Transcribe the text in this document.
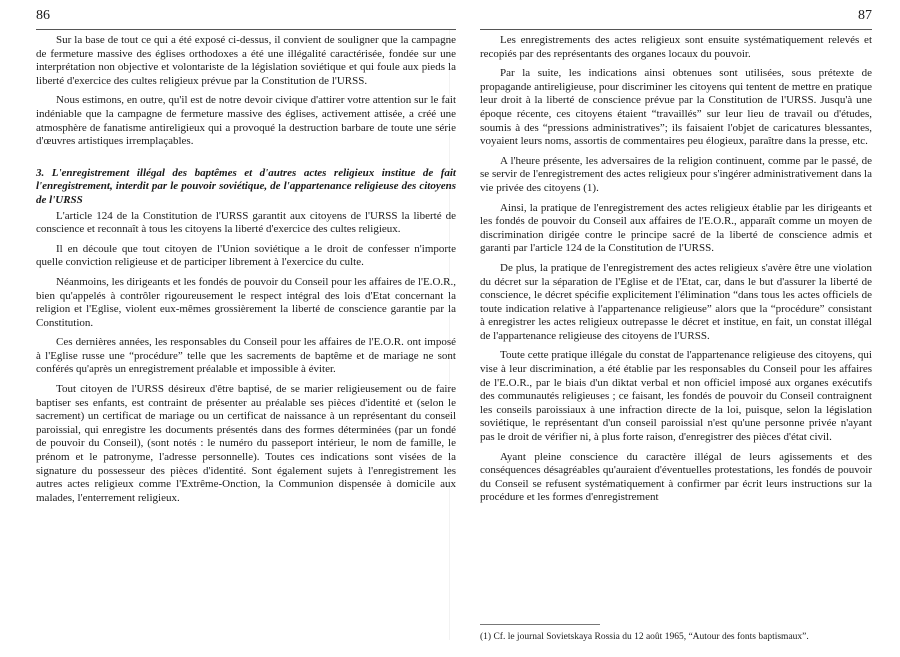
86

Sur la base de tout ce qui a été exposé ci-dessus, il convient de souligner que la campagne de fermeture massive des églises orthodoxes a été une illégalité caractérisée, fondée sur une interprétation non objective et volontariste de la législation soviétique et qui foule aux pieds la liberté d'exercice des cultes religieux prévue par la Constitution de l'URSS.

Nous estimons, en outre, qu'il est de notre devoir civique d'attirer votre attention sur le fait indéniable que la campagne de fermeture massive des églises, activement attisée, a créé une atmosphère de fanatisme antireligieux qui a provoqué la destruction barbare de toute une série d'œuvres artistiques irremplaçables.

3. L'enregistrement illégal des baptêmes et d'autres actes religieux institue de fait l'enregistrement, interdit par le pouvoir soviétique, de l'appartenance religieuse des citoyens de l'URSS

L'article 124 de la Constitution de l'URSS garantit aux citoyens de l'URSS la liberté de conscience et reconnaît à tous les citoyens la liberté d'exercice des cultes religieux.

Il en découle que tout citoyen de l'Union soviétique a le droit de confesser n'importe quelle conviction religieuse et de participer librement à l'exercice du culte.

Néanmoins, les dirigeants et les fondés de pouvoir du Conseil pour les affaires de l'E.O.R., bien qu'appelés à contrôler rigoureusement le respect intégral des lois d'Etat concernant la religion et l'Eglise, violent eux-mêmes grossièrement la liberté de conscience garantie par la Constitution.

Ces dernières années, les responsables du Conseil pour les affaires de l'E.O.R. ont imposé à l'Eglise russe une “procédure” telle que les sacrements de baptême et de mariage ne sont conférés qu'après un enregistrement préalable et impossible à éviter.

Tout citoyen de l'URSS désireux d'être baptisé, de se marier religieusement ou de faire baptiser ses enfants, est contraint de présenter au préalable ses pièces d'identité et (selon le sacrement) un certificat de mariage ou un certificat de naissance à un représentant du conseil paroissial, qui enregistre les documents présentés dans des formes déterminées (par un fondé de pouvoir du Conseil), (sont notés : le numéro du passeport intérieur, le nom de famille, le prénom et le patronyme, l'adresse personnelle). Toutes ces indications sont visées de la signature du possesseur des pièces d'identité. Sont également sujets à l'enregistrement les autres actes religieux comme l'Extrême-Onction, la Communion dispensée à domicile aux malades, l'enterrement religieux.

87

Les enregistrements des actes religieux sont ensuite systématiquement relevés et recopiés par des représentants des organes locaux du pouvoir.

Par la suite, les indications ainsi obtenues sont utilisées, sous prétexte de propagande antireligieuse, pour discriminer les citoyens qui tentent de mettre en pratique leur droit à la liberté de conscience prévue par la Constitution de l'URSS. Jusqu'à une époque récente, ces citoyens étaient “travaillés” sur leur lieu de travail ou d'études, soumis à des “pressions administratives”; ils faisaient l'objet de caricatures blessantes, voyaient leurs noms, assortis de commentaires peu élogieux, paraître dans la presse, etc.

A l'heure présente, les adversaires de la religion continuent, comme par le passé, de se servir de l'enregistrement des actes religieux pour s'ingérer administrativement dans la vie privée des citoyens (1).

Ainsi, la pratique de l'enregistrement des actes religieux établie par les dirigeants et les fondés de pouvoir du Conseil aux affaires de l'E.O.R., apparaît comme un moyen de discrimination dirigée contre le principe sacré de la liberté de conscience admis et garanti par l'article 124 de la Constitution de l'URSS.

De plus, la pratique de l'enregistrement des actes religieux s'avère être une violation du décret sur la séparation de l'Eglise et de l'Etat, car, dans le but d'assurer la liberté de conscience, le décret spécifie explicitement l'élimination “dans tous les actes officiels de toute indication relative à l'appartenance religieuse” alors que la “procédure” consistant à enregistrer les actes religieux outrepasse le décret et institue, en fait, un constat illégal de l'appartenance religieuse des citoyens de l'URSS.

Toute cette pratique illégale du constat de l'appartenance religieuse des citoyens, qui vise à leur discrimination, a été établie par les responsables du Conseil pour les affaires de l'E.O.R., par le biais d'un diktat verbal et non officiel imposé aux organes exécutifs des communautés religieuses ; ce faisant, les fondés de pouvoir du Conseil contraignent les conseils paroissiaux à une infraction directe de la loi, puisque, selon la législation soviétique, le représentant d'un conseil paroissial n'est qu'une personne privée n'ayant pas le droit de vérifier ni, à plus forte raison, d'enregistrer des pièces d'état civil.

Ayant pleine conscience du caractère illégal de leurs agissements et des conséquences désagréables qu'auraient d'éventuelles protestations, les fondés de pouvoir du Conseil se refusent systématiquement à confirmer par écrit leurs instructions sur la procédure et les formes d'enregistrement

(1) Cf. le journal Sovietskaya Rossia du 12 août 1965, “Autour des fonts baptismaux”.
